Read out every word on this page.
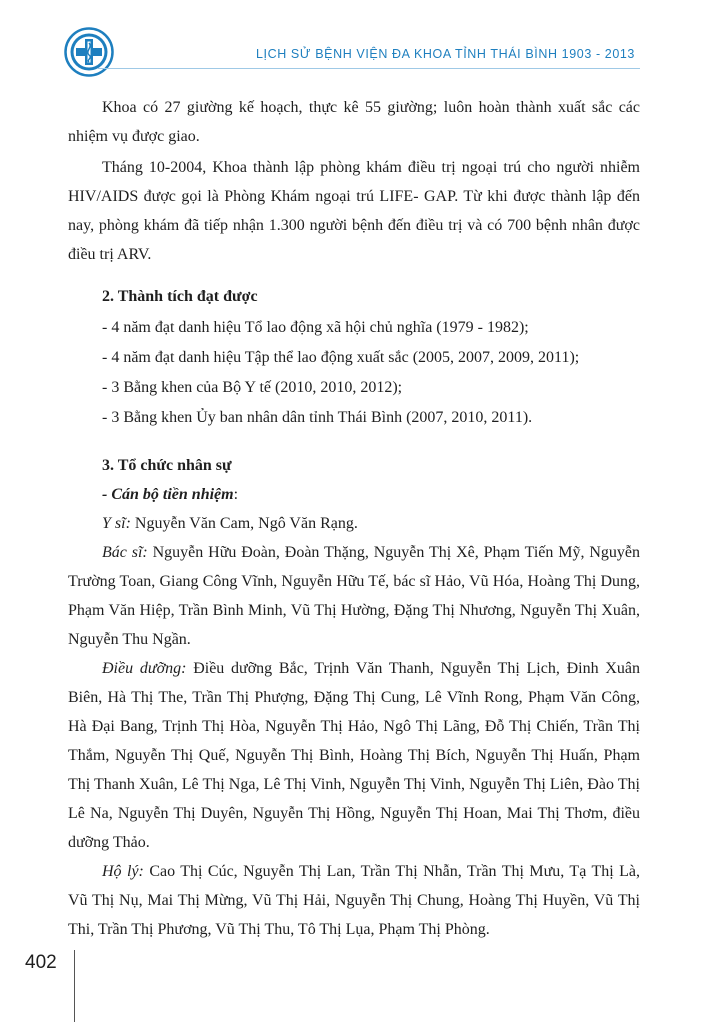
LỊCH SỬ BỆNH VIỆN ĐA KHOA TỈNH THÁI BÌNH 1903 - 2013

Khoa có 27 giường kế hoạch, thực kê 55 giường; luôn hoàn thành xuất sắc các nhiệm vụ được giao.

Tháng 10-2004, Khoa thành lập phòng khám điều trị ngoại trú cho người nhiễm HIV/AIDS được gọi là Phòng Khám ngoại trú LIFE- GAP. Từ khi được thành lập đến nay, phòng khám đã tiếp nhận 1.300 người bệnh đến điều trị và có 700 bệnh nhân được điều trị ARV.

2. Thành tích đạt được
- 4 năm đạt danh hiệu Tổ lao động xã hội chủ nghĩa (1979 - 1982);
- 4 năm đạt danh hiệu Tập thể lao động xuất sắc (2005, 2007, 2009, 2011);
- 3 Bằng khen của Bộ Y tế (2010, 2010, 2012);
- 3 Bằng khen Ủy ban nhân dân tỉnh Thái Bình (2007, 2010, 2011).
3. Tổ chức nhân sự
- Cán bộ tiền nhiệm:

Y sĩ: Nguyễn Văn Cam, Ngô Văn Rạng.

Bác sĩ: Nguyễn Hữu Đoàn, Đoàn Thặng, Nguyễn Thị Xê, Phạm Tiến Mỹ, Nguyễn Trường Toan, Giang Công Vĩnh, Nguyễn Hữu Tế, bác sĩ Hảo, Vũ Hóa, Hoàng Thị Dung, Phạm Văn Hiệp, Trần Bình Minh, Vũ Thị Hường, Đặng Thị Nhương, Nguyễn Thị Xuân, Nguyễn Thu Ngần.

Điều dưỡng: Điều dưỡng Bắc, Trịnh Văn Thanh, Nguyễn Thị Lịch, Đinh Xuân Biên, Hà Thị The, Trần Thị Phượng, Đặng Thị Cung, Lê Vĩnh Rong, Phạm Văn Công, Hà Đại Bang, Trịnh Thị Hòa, Nguyễn Thị Hảo, Ngô Thị Lãng, Đỗ Thị Chiến, Trần Thị Thắm, Nguyễn Thị Quế, Nguyễn Thị Bình, Hoàng Thị Bích, Nguyễn Thị Huấn, Phạm Thị Thanh Xuân, Lê Thị Nga, Lê Thị Vinh, Nguyễn Thị Vinh, Nguyễn Thị Liên, Đào Thị Lê Na, Nguyễn Thị Duyên, Nguyễn Thị Hồng, Nguyễn Thị Hoan, Mai Thị Thơm, điều dưỡng Thảo.

Hộ lý: Cao Thị Cúc, Nguyễn Thị Lan, Trần Thị Nhẫn, Trần Thị Mưu, Tạ Thị Là, Vũ Thị Nụ, Mai Thị Mừng, Vũ Thị Hải, Nguyễn Thị Chung, Hoàng Thị Huyền, Vũ Thị Thi, Trần Thị Phương, Vũ Thị Thu, Tô Thị Lụa, Phạm Thị Phòng.

402
